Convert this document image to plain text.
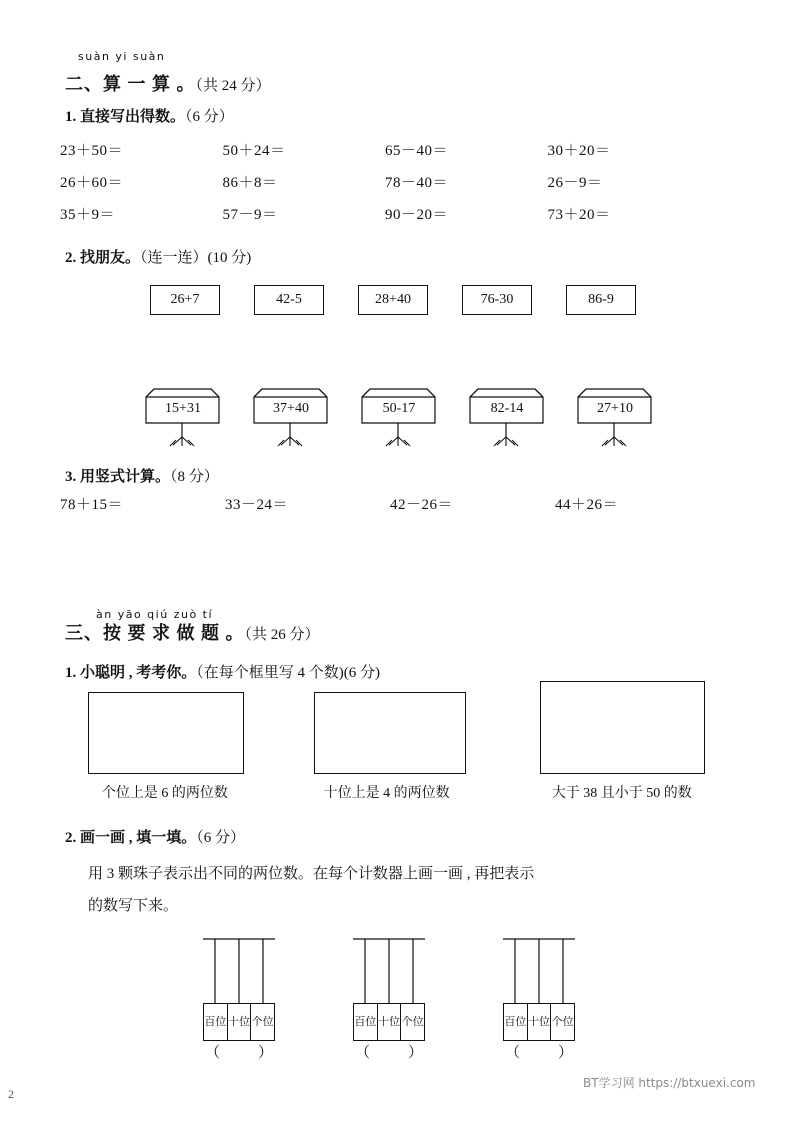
suàn yi suàn
二、算 一 算 。（共 24 分）
1. 直接写出得数。（6 分）
23＋50＝	50＋24＝	65－40＝	30＋20＝
26＋60＝	86＋8＝	78－40＝	26－9＝
35＋9＝	57－9＝	90－20＝	73＋20＝
2. 找朋友。（连一连）(10 分)
26+7	42-5	28+40	76-30	86-9
15+31	37+40	50-17	82-14	27+10
3. 用竖式计算。（8 分）
78＋15＝	33－24＝	42－26＝	44＋26＝
àn yāo qiú zuò tí
三、按 要 求 做 题 。（共 26 分）
1. 小聪明 , 考考你。（在每个框里写 4 个数)(6 分)
个位上是 6 的两位数	十位上是 4 的两位数	大于 38 且小于 50 的数
2. 画一画 , 填一填。（6 分）
用 3 颗珠子表示出不同的两位数。在每个计数器上画一画 , 再把表示
的数写下来。
百位 十位 个位
（	）
百位 十位 个位
（	）
百位 十位 个位
（	）
2
BT学习网 https://btxuexi.com
